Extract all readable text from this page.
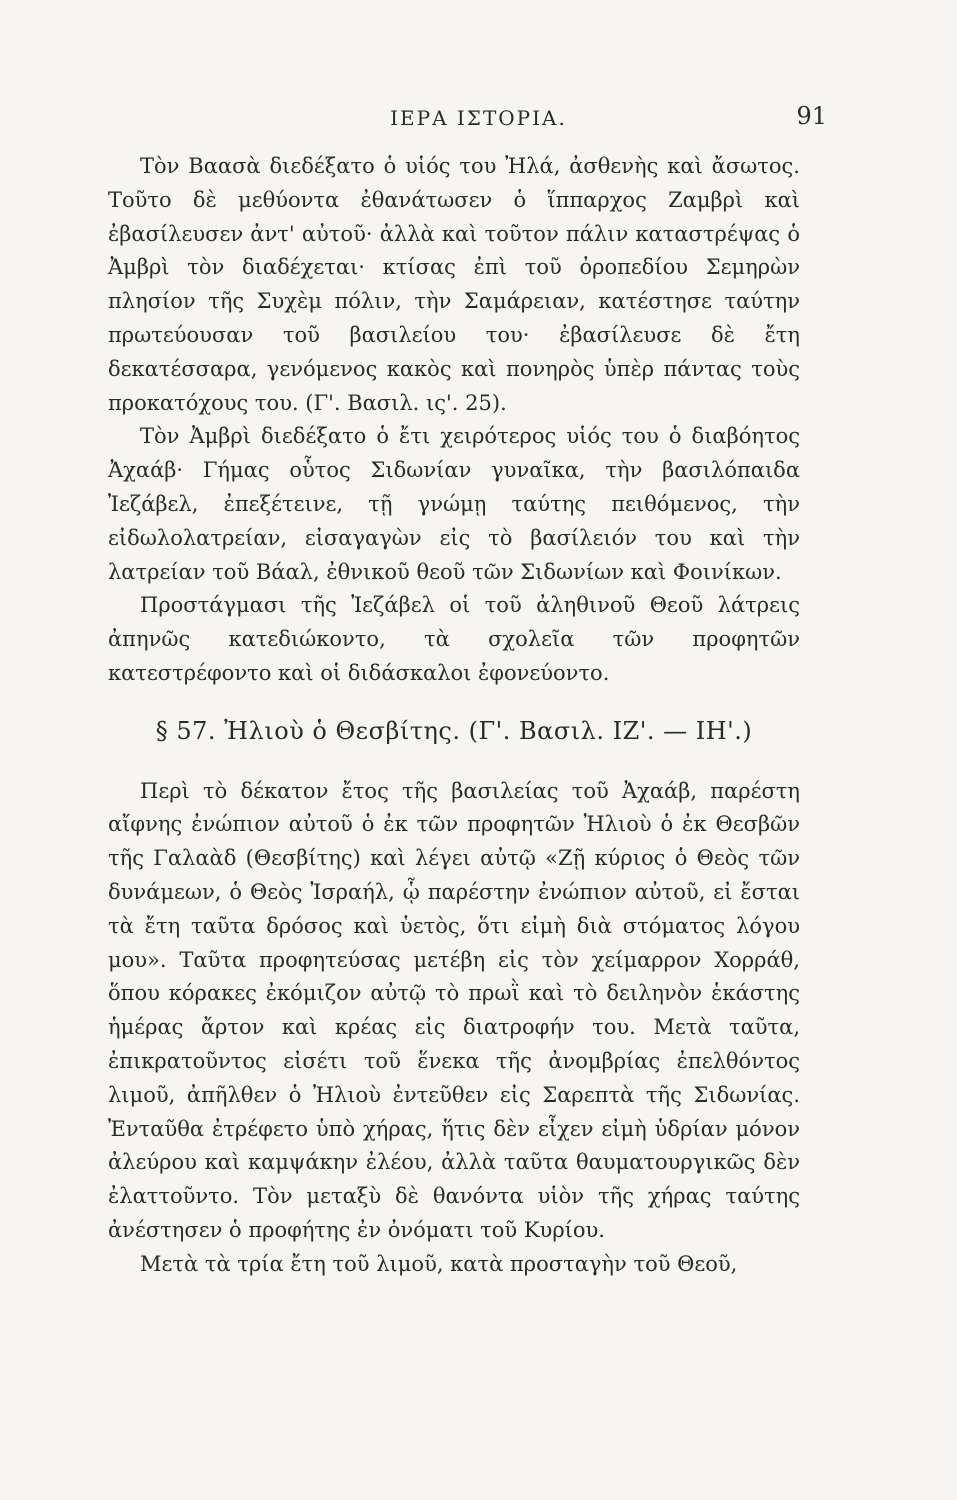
ΙΕΡΑ ΙΣΤΟΡΙΑ.	91

Τὸν Βαασὰ διεδέξατο ὁ υἱός του Ἠλά, ἀσθενὴς καὶ ἄσωτος. Τοῦτο δὲ μεθύοντα ἐθανάτωσεν ὁ ἵππαρχος Ζαμβρὶ καὶ ἐβασίλευσεν ἀντ' αὐτοῦ· ἀλλὰ καὶ τοῦτον πάλιν καταστρέψας ὁ Ἀμβρὶ τὸν διαδέχεται· κτίσας ἐπὶ τοῦ ὀροπεδίου Σεμηρὼν πλησίον τῆς Συχὲμ πόλιν, τὴν Σαμάρειαν, κατέστησε ταύτην πρωτεύουσαν τοῦ βασιλείου του· ἐβασίλευσε δὲ ἔτη δεκατέσσαρα, γενόμενος κακὸς καὶ πονηρὸς ὑπὲρ πάντας τοὺς προκατόχους του. (Γ'. Βασιλ. ις'. 25).

Τὸν Ἀμβρὶ διεδέξατο ὁ ἔτι χειρότερος υἱός του ὁ διαβόητος Ἀχαάβ· Γήμας οὗτος Σιδωνίαν γυναῖκα, τὴν βασιλόπαιδα Ἰεζάβελ, ἐπεξέτεινε, τῇ γνώμῃ ταύτης πειθόμενος, τὴν εἰδωλολατρείαν, εἰσαγαγὼν εἰς τὸ βασίλειόν του καὶ τὴν λατρείαν τοῦ Βάαλ, ἐθνικοῦ θεοῦ τῶν Σιδωνίων καὶ Φοινίκων.

Προστάγμασι τῆς Ἰεζάβελ οἱ τοῦ ἀληθινοῦ Θεοῦ λάτρεις ἀπηνῶς κατεδιώκοντο, τὰ σχολεῖα τῶν προφητῶν κατεστρέφοντο καὶ οἱ διδάσκαλοι ἐφονεύοντο.

§ 57. Ἠλιοὺ ὁ Θεσβίτης. (Γ'. Βασιλ. ΙΖ'. — ΙΗ'.)

Περὶ τὸ δέκατον ἔτος τῆς βασιλείας τοῦ Ἀχαάβ, παρέστη αἴφνης ἐνώπιον αὐτοῦ ὁ ἐκ τῶν προφητῶν Ἠλιοὺ ὁ ἐκ Θεσβῶν τῆς Γαλαὰδ (Θεσβίτης) καὶ λέγει αὐτῷ «Ζῇ κύριος ὁ Θεὸς τῶν δυνάμεων, ὁ Θεὸς Ἰσραήλ, ᾧ παρέστην ἐνώπιον αὐτοῦ, εἰ ἔσται τὰ ἔτη ταῦτα δρόσος καὶ ὑετὸς, ὅτι εἰμὴ διὰ στόματος λόγου μου». Ταῦτα προφητεύσας μετέβη εἰς τὸν χείμαρρον Χορράθ, ὅπου κόρακες ἐκόμιζον αὐτῷ τὸ πρωῒ καὶ τὸ δειληνὸν ἑκάστης ἡμέρας ἄρτον καὶ κρέας εἰς διατροφήν του. Μετὰ ταῦτα, ἐπικρατοῦντος εἰσέτι τοῦ ἕνεκα τῆς ἀνομβρίας ἐπελθόντος λιμοῦ, ἀπῆλθεν ὁ Ἠλιοὺ ἐντεῦθεν εἰς Σαρεπτὰ τῆς Σιδωνίας. Ἐνταῦθα ἐτρέφετο ὑπὸ χήρας, ἥτις δὲν εἶχεν εἰμὴ ὑδρίαν μόνον ἀλεύρου καὶ καμψάκην ἐλέου, ἀλλὰ ταῦτα θαυματουργικῶς δὲν ἐλαττοῦντο. Τὸν μεταξὺ δὲ θανόντα υἱὸν τῆς χήρας ταύτης ἀνέστησεν ὁ προφήτης ἐν ὀνόματι τοῦ Κυρίου.

Μετὰ τὰ τρία ἔτη τοῦ λιμοῦ, κατὰ προσταγὴν τοῦ Θεοῦ,
